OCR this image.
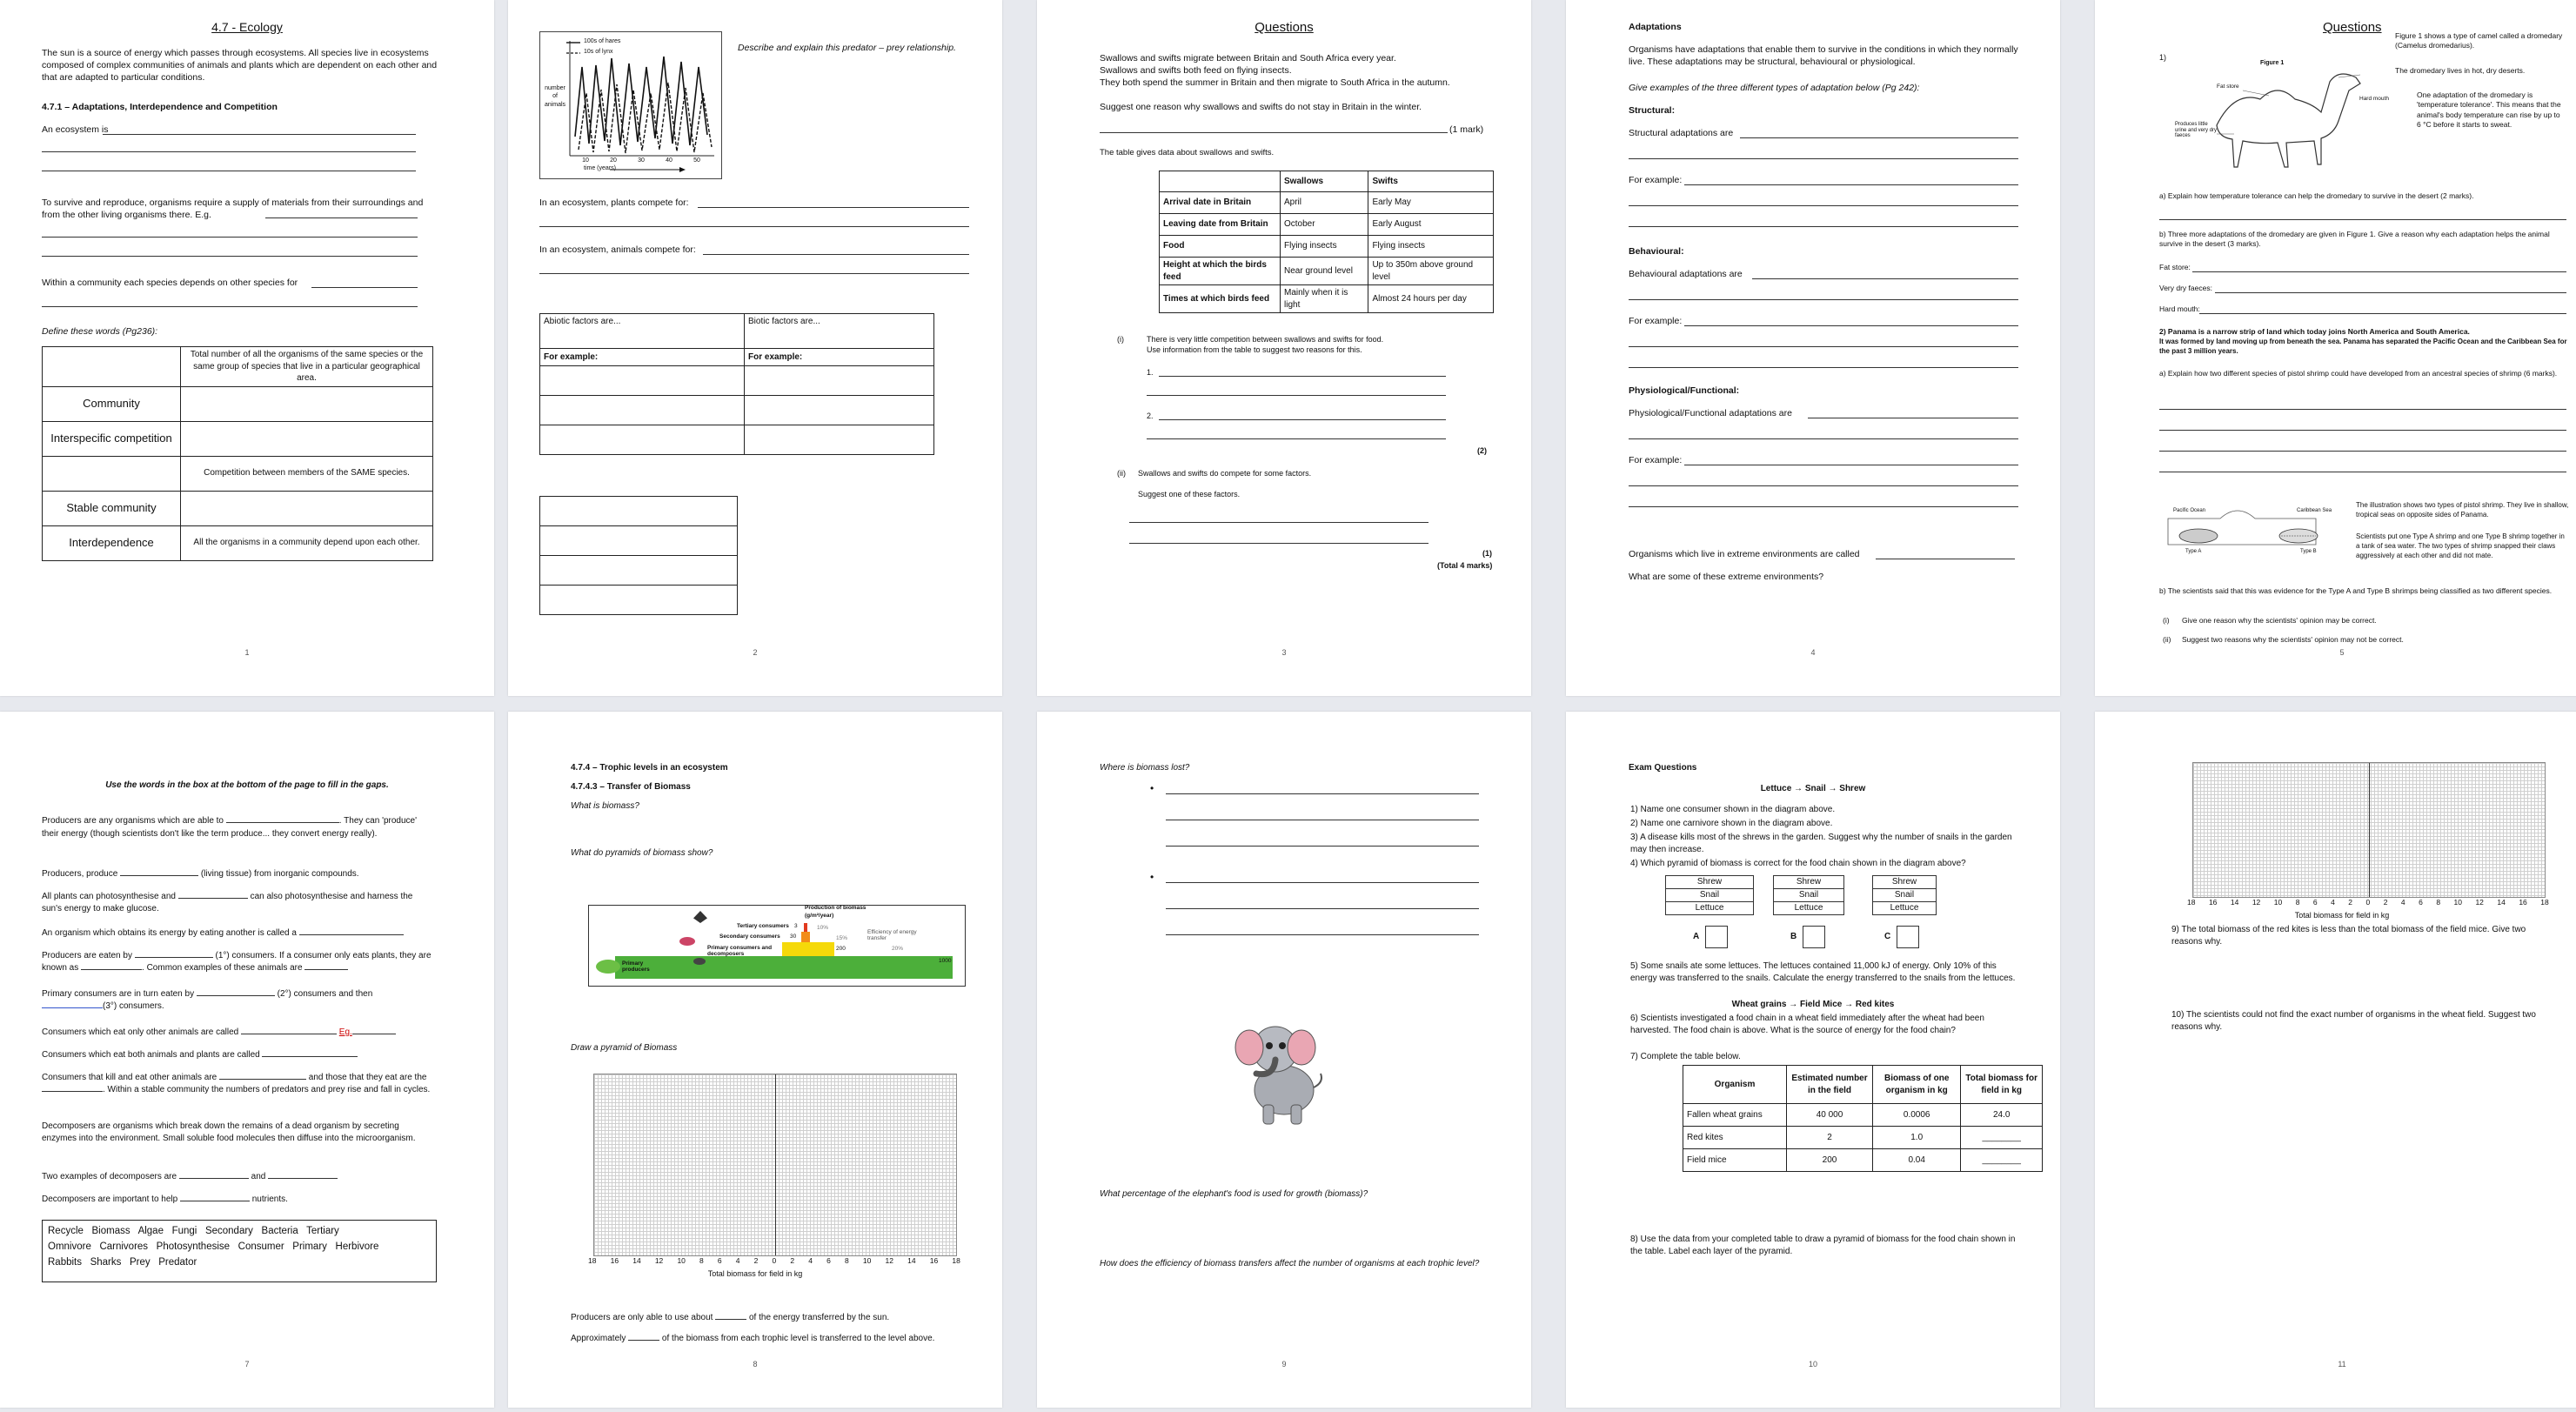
4.7 - Ecology
The sun is a source of energy which passes through ecosystems. All species live in ecosystems composed of complex communities of animals and plants which are dependent on each other and that are adapted to particular conditions.
4.7.1 – Adaptations, Interdependence and Competition
An ecosystem is
To survive and reproduce, organisms require a supply of materials from their surroundings and from the other living organisms there. E.g.
Within a community each species depends on other species for
Define these words (Pg236):
	Total number of all the organisms of the same species or the same group of species that live in a particular geographical area.
Community	
Interspecific competition	
	Competition between members of the SAME species.
Stable community	
Interdependence	All the organisms in a community depend upon each other.
1
100s of hares
10s of lynx
number of animals
10	20	30	40	50
time (years)
Describe and explain this predator – prey relationship.
In an ecosystem, plants compete for:
In an ecosystem, animals compete for:
Abiotic factors are...	Biotic factors are...
For example:	For example:

2
Questions
Swallows and swifts migrate between Britain and South Africa every year.
Swallows and swifts both feed on flying insects.
They both spend the summer in Britain and then migrate to South Africa in the autumn.
Suggest one reason why swallows and swifts do not stay in Britain in the winter.
(1 mark)
The table gives data about swallows and swifts.
	Swallows	Swifts
Arrival date in Britain	April	Early May
Leaving date from Britain	October	Early August
Food	Flying insects	Flying insects
Height at which the birds feed	Near ground level	Up to 350m above ground level
Times at which birds feed	Mainly when it is light	Almost 24 hours per day
(i)	There is very little competition between swallows and swifts for food.
Use information from the table to suggest two reasons for this.
1.
2.
(2)
(ii) Swallows and swifts do compete for some factors.
Suggest one of these factors.
(1)
(Total 4 marks)
3
Adaptations
Organisms have adaptations that enable them to survive in the conditions in which they normally live. These adaptations may be structural, behavioural or physiological.
Give examples of the three different types of adaptation below (Pg 242):
Structural:
Structural adaptations are
For example:
Behavioural:
Behavioural adaptations are
For example:
Physiological/Functional:
Physiological/Functional adaptations are
For example:
Organisms which live in extreme environments are called
What are some of these extreme environments?
4
Questions
1)
Figure 1 shows a type of camel called a dromedary (Camelus dromedarius).
The dromedary lives in hot, dry deserts.
Figure 1
Fat store
Hard mouth
Produces little urine and very dry faeces
One adaptation of the dromedary is 'temperature tolerance'. This means that the animal's body temperature can rise by up to 6 °C before it starts to sweat.
a) Explain how temperature tolerance can help the dromedary to survive in the desert (2 marks).
b) Three more adaptations of the dromedary are given in Figure 1. Give a reason why each adaptation helps the animal survive in the desert (3 marks).
Fat store:
Very dry faeces:
Hard mouth:
2) Panama is a narrow strip of land which today joins North America and South America.
It was formed by land moving up from beneath the sea. Panama has separated the Pacific Ocean and the Caribbean Sea for the past 3 million years.
a) Explain how two different species of pistol shrimp could have developed from an ancestral species of shrimp (6 marks).
Pacific Ocean	Caribbean Sea
Type A	Type B
The illustration shows two types of pistol shrimp. They live in shallow, tropical seas on opposite sides of Panama.
Scientists put one Type A shrimp and one Type B shrimp together in a tank of sea water. The two types of shrimp snapped their claws aggressively at each other and did not mate.
b) The scientists said that this was evidence for the Type A and Type B shrimps being classified as two different species.
(i) Give one reason why the scientists' opinion may be correct.
(ii) Suggest two reasons why the scientists' opinion may not be correct.
5
Use the words in the box at the bottom of the page to fill in the gaps.
Producers are any organisms which are able to	. They can 'produce' their energy (though scientists don't like the term produce... they convert energy really).
Producers, produce	(living tissue) from inorganic compounds.
All plants can photosynthesise and	can also photosynthesise and harness the sun's energy to make glucose.
An organism which obtains its energy by eating another is called a
Producers are eaten by	(1°) consumers. If a consumer only eats plants, they are known as	. Common examples of these animals are
Primary consumers are in turn eaten by	(2°) consumers and then
(3°) consumers.
Consumers which eat only other animals are called	Eg.
Consumers which eat both animals and plants are called
Consumers that kill and eat other animals are	and those that they eat are the . Within a stable community the numbers of predators and prey rise and fall in cycles.
Decomposers are organisms which break down the remains of a dead organism by secreting enzymes into the environment. Small soluble food molecules then diffuse into the microorganism.
Two examples of decomposers are	and
Decomposers are important to help	nutrients.
Recycle Biomass Algae Fungi Secondary Bacteria Tertiary
Omnivore Carnivores Photosynthesise Consumer Primary Herbivore
Rabbits Sharks Prey Predator
7
4.7.4 – Trophic levels in an ecosystem
4.7.4.3 – Transfer of Biomass
What is biomass?
What do pyramids of biomass show?
Production of biomass (g/m²/year)
Tertiary consumers
Secondary consumers
Primary consumers and decomposers
Primary producers
3
30
200
1000
10%
15%
20%
Efficiency of energy transfer
Draw a pyramid of Biomass
18 16 14 12 10 8 6 4 2 0 2 4 6 8 10 12 14 16 18
Total biomass for field in kg
Producers are only able to use about	of the energy transferred by the sun.
Approximately	of the biomass from each trophic level is transferred to the level above.
8
Where is biomass lost?
•
•
What percentage of the elephant's food is used for growth (biomass)?
How does the efficiency of biomass transfers affect the number of organisms at each trophic level?
9
Exam Questions
Lettuce → Snail → Shrew
1) Name one consumer shown in the diagram above.
2) Name one carnivore shown in the diagram above.
3) A disease kills most of the shrews in the garden. Suggest why the number of snails in the garden may then increase.
4) Which pyramid of biomass is correct for the food chain shown in the diagram above?
Shrew
Snail
Lettuce
Shrew
Snail
Lettuce
Shrew
Snail
Lettuce
A	B	C
5) Some snails ate some lettuces. The lettuces contained 11,000 kJ of energy. Only 10% of this energy was transferred to the snails. Calculate the energy transferred to the snails from the lettuces.
Wheat grains → Field Mice → Red kites
6) Scientists investigated a food chain in a wheat field immediately after the wheat had been harvested. The food chain is above. What is the source of energy for the food chain?
7) Complete the table below.
Organism	Estimated number in the field	Biomass of one organism in kg	Total biomass for field in kg
Fallen wheat grains	40 000	0.0006	24.0
Red kites	2	1.0	________
Field mice	200	0.04	________
8) Use the data from your completed table to draw a pyramid of biomass for the food chain shown in the table. Label each layer of the pyramid.
10
18 16 14 12 10 8 6 4 2 0 2 4 6 8 10 12 14 16 18
Total biomass for field in kg
9) The total biomass of the red kites is less than the total biomass of the field mice. Give two reasons why.
10) The scientists could not find the exact number of organisms in the wheat field. Suggest two reasons why.
11
